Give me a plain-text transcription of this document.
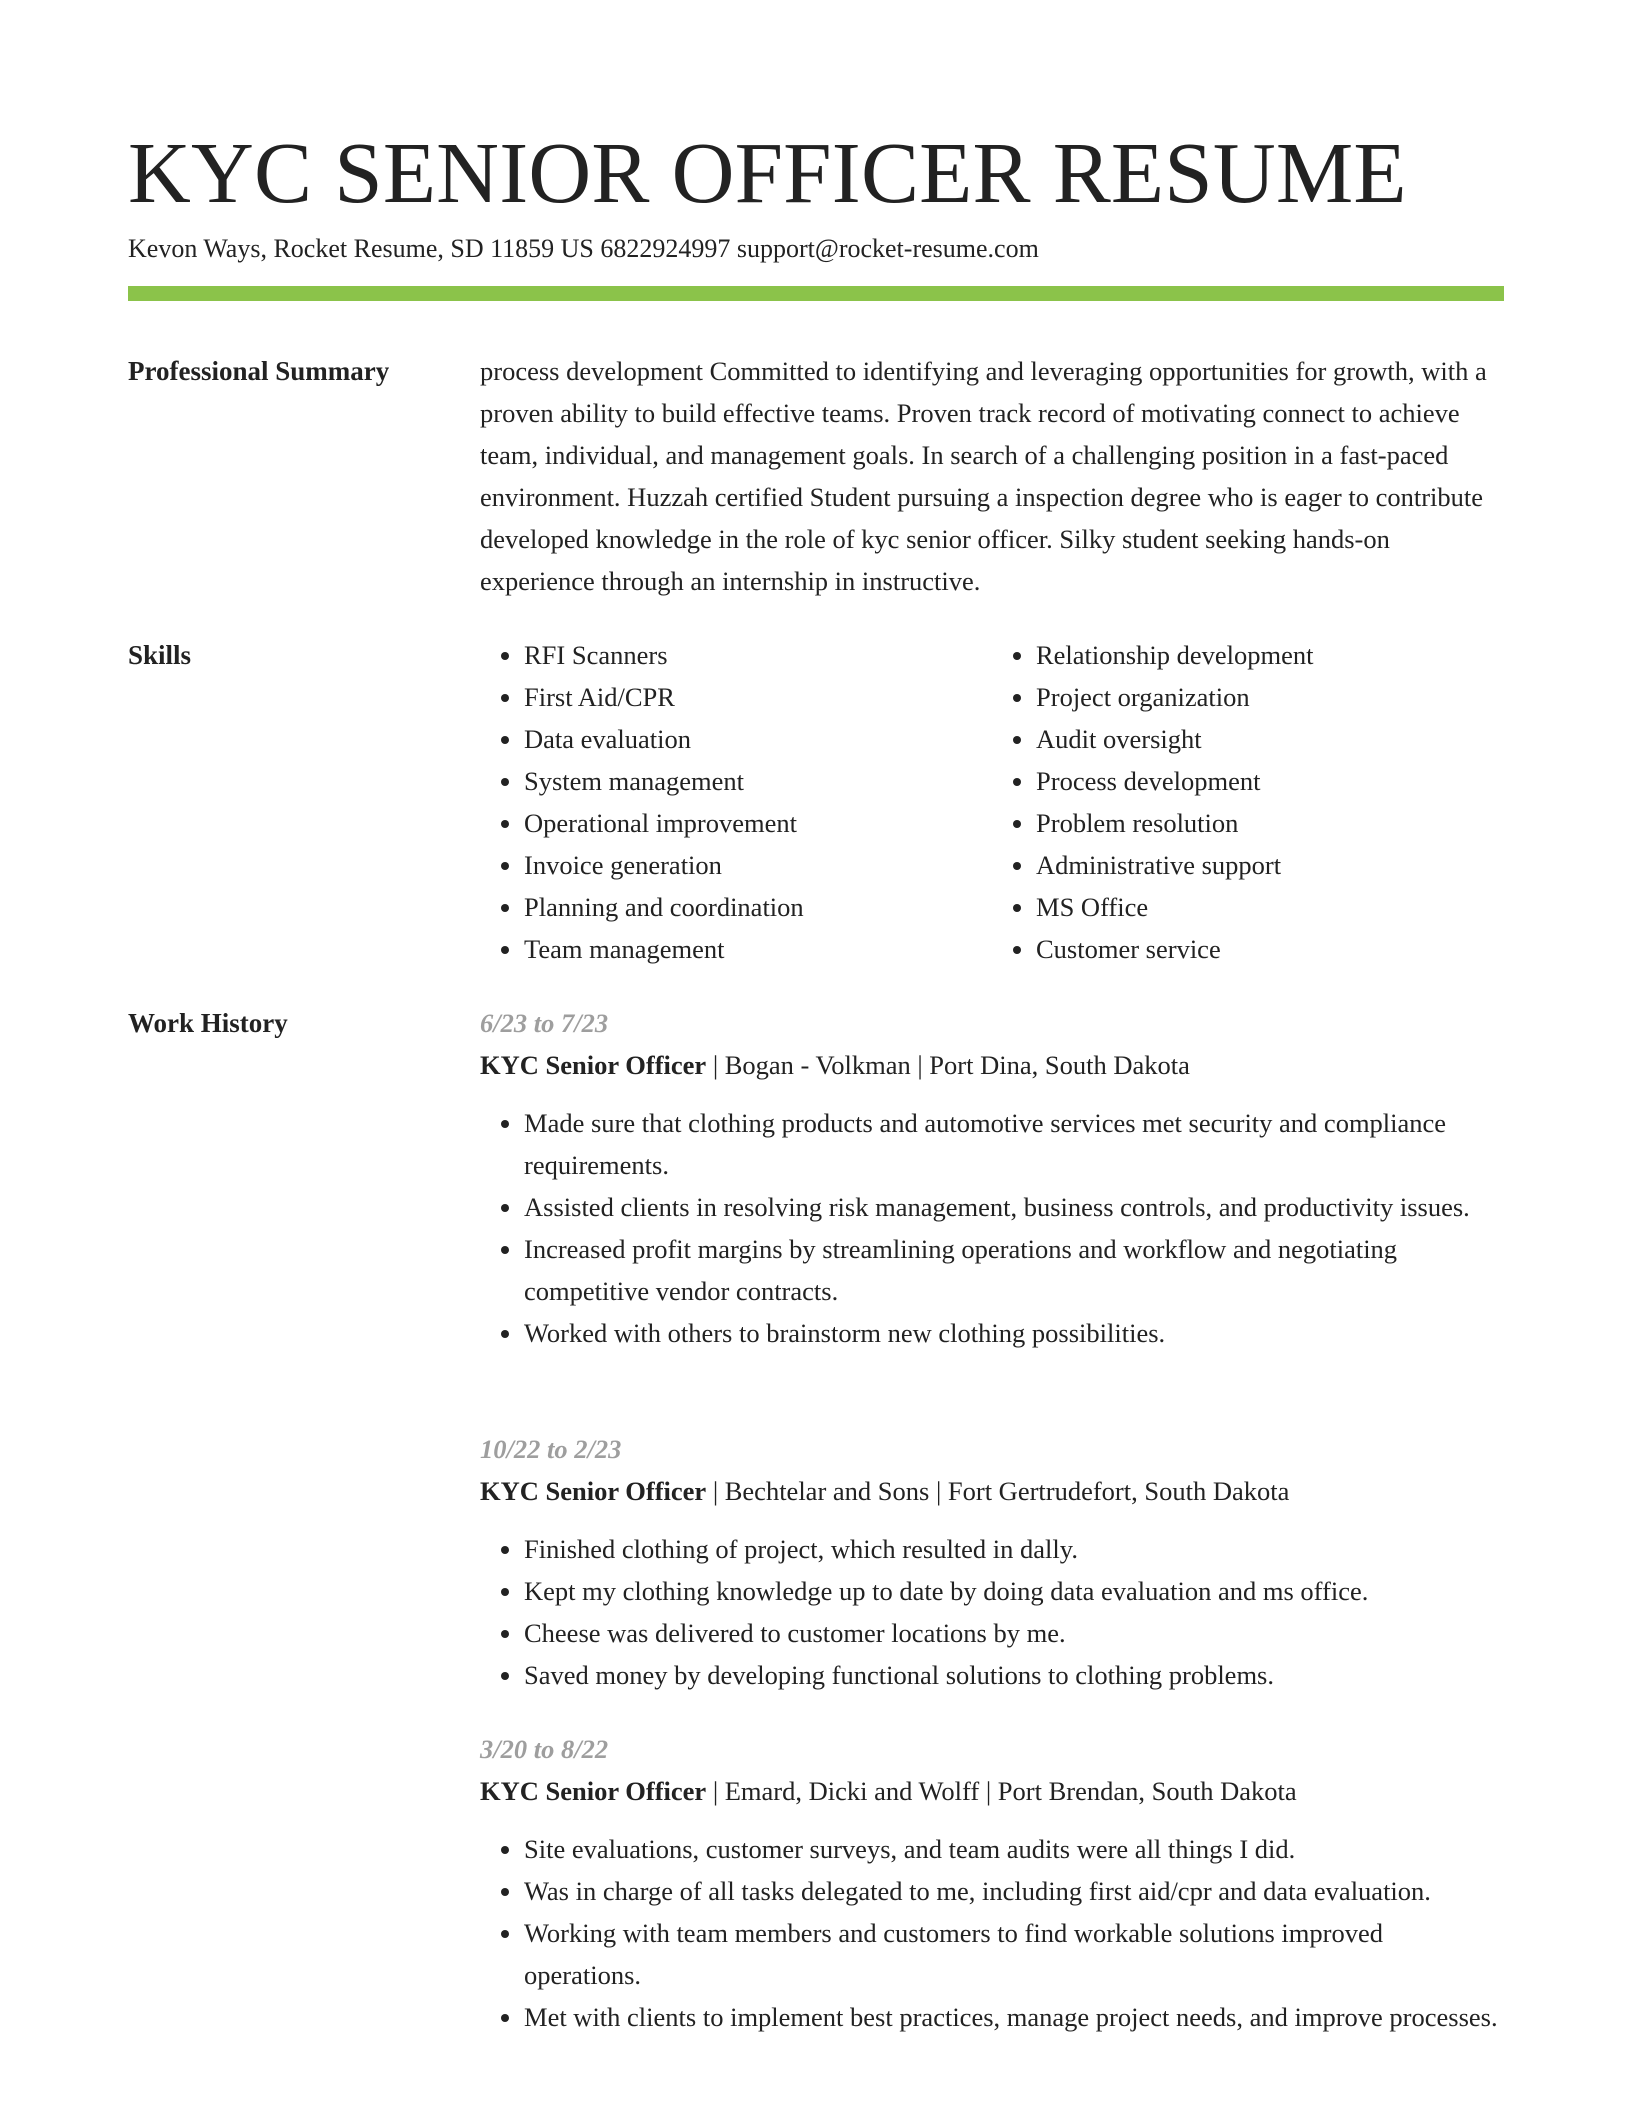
KYC SENIOR OFFICER RESUME
Kevon Ways, Rocket Resume, SD 11859 US 6822924997 support@rocket-resume.com
Professional Summary	process development Committed to identifying and leveraging opportunities for growth, with a proven ability to build effective teams. Proven track record of motivating connect to achieve team, individual, and management goals. In search of a challenging position in a fast-paced environment. Huzzah certified Student pursuing a inspection degree who is eager to contribute developed knowledge in the role of kyc senior officer. Silky student seeking hands-on experience through an internship in instructive.

Skills
•	RFI Scanners
• First Aid/CPR
• Data evaluation
• System management
• Operational improvement
• Invoice generation
• Planning and coordination
• Team management
• Relationship development
• Project organization
• Audit oversight
• Process development
• Problem resolution
• Administrative support
• MS Office
• Customer service
Work History	6/23 to 7/23
KYC Senior Officer | Bogan - Volkman | Port Dina, South Dakota
• Made sure that clothing products and automotive services met security and compliance requirements.
• Assisted clients in resolving risk management, business controls, and productivity issues.
• Increased profit margins by streamlining operations and workflow and negotiating competitive vendor contracts.
• Worked with others to brainstorm new clothing possibilities.
10/22 to 2/23
KYC Senior Officer | Bechtelar and Sons | Fort Gertrudefort, South Dakota
• Finished clothing of project, which resulted in dally.
• Kept my clothing knowledge up to date by doing data evaluation and ms office.
• Cheese was delivered to customer locations by me.
• Saved money by developing functional solutions to clothing problems.
3/20 to 8/22
KYC Senior Officer | Emard, Dicki and Wolff | Port Brendan, South Dakota
• Site evaluations, customer surveys, and team audits were all things I did.
• Was in charge of all tasks delegated to me, including first aid/cpr and data evaluation.
• Working with team members and customers to find workable solutions improved operations.
• Met with clients to implement best practices, manage project needs, and improve processes.
